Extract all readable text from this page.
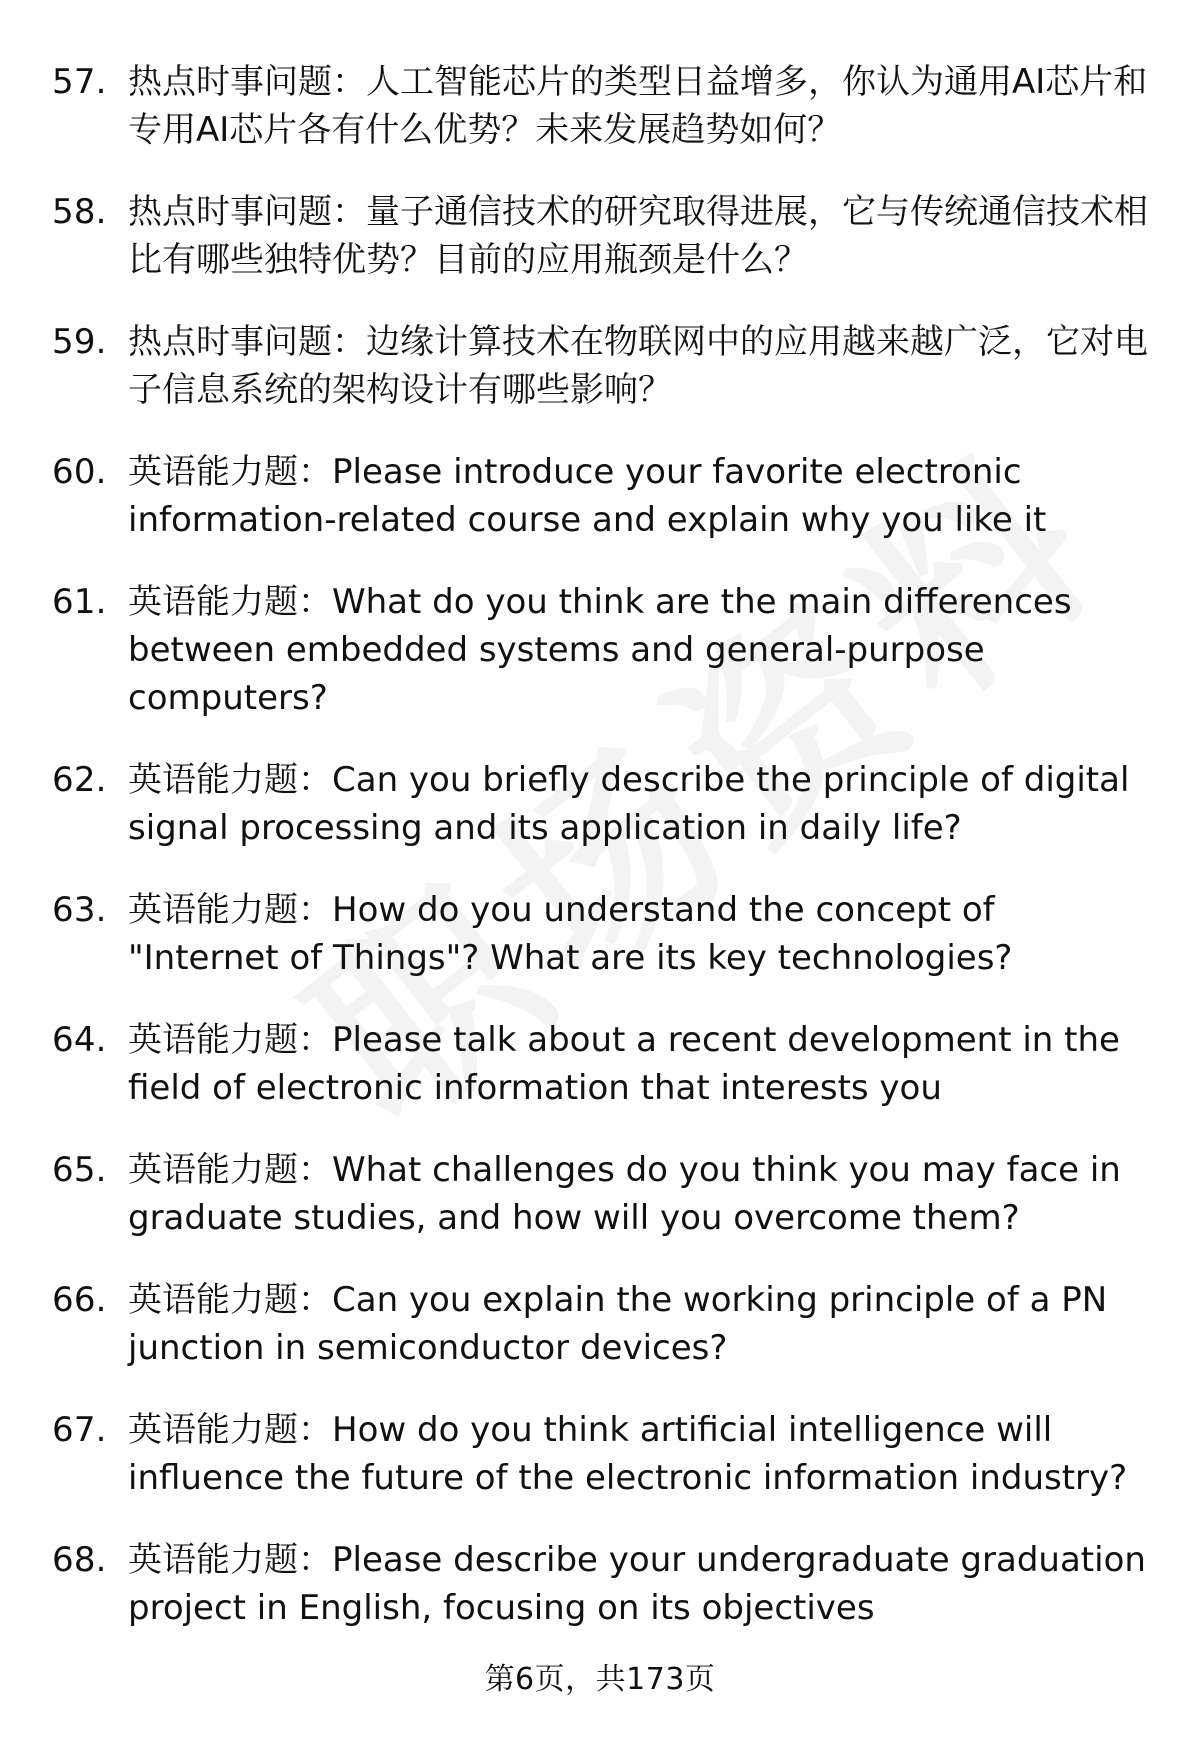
57. 热点时事问题：人工智能芯片的类型日益增多，你认为通用AI芯片和专用AI芯片各有什么优势？未来发展趋势如何？
58. 热点时事问题：量子通信技术的研究取得进展，它与传统通信技术相比有哪些独特优势？目前的应用瓶颈是什么？
59. 热点时事问题：边缘计算技术在物联网中的应用越来越广泛，它对电子信息系统的架构设计有哪些影响？
60. 英语能力题：Please introduce your favorite electronic information-related course and explain why you like it
61. 英语能力题：What do you think are the main differences between embedded systems and general-purpose computers?
62. 英语能力题：Can you briefly describe the principle of digital signal processing and its application in daily life?
63. 英语能力题：How do you understand the concept of "Internet of Things"? What are its key technologies?
64. 英语能力题：Please talk about a recent development in the field of electronic information that interests you
65. 英语能力题：What challenges do you think you may face in graduate studies, and how will you overcome them?
66. 英语能力题：Can you explain the working principle of a PN junction in semiconductor devices?
67. 英语能力题：How do you think artificial intelligence will influence the future of the electronic information industry?
68. 英语能力题：Please describe your undergraduate graduation project in English, focusing on its objectives
第6页，共173页
